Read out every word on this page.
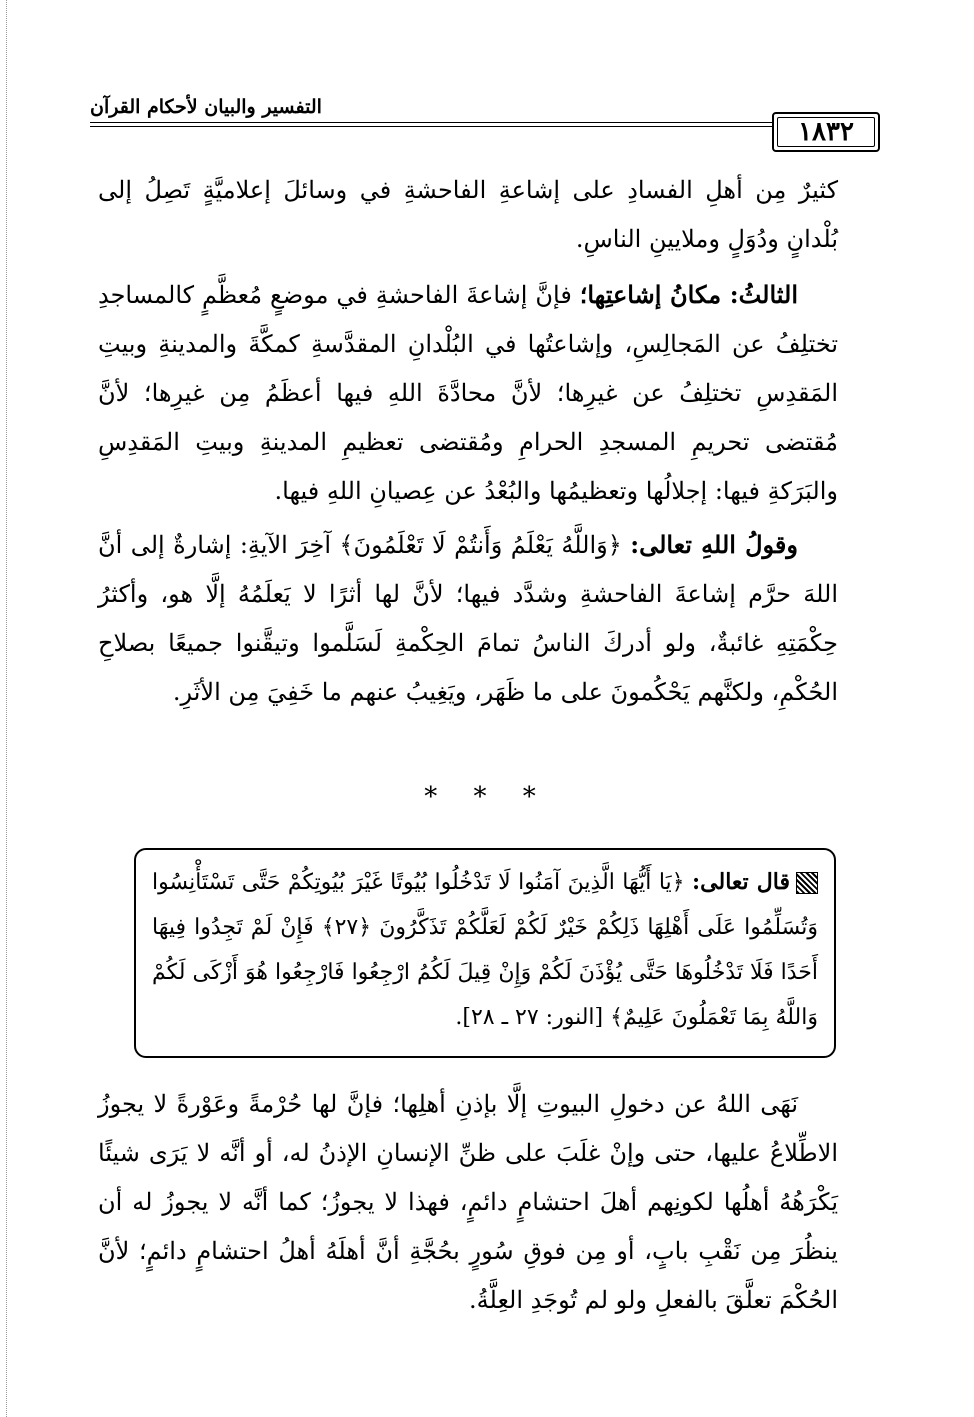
التفسير والبيان لأحكام القرآن
١٨٣٢
كثيرٌ مِن أهلِ الفسادِ على إشاعةِ الفاحشةِ في وسائلَ إعلاميَّةٍ تَصِلُ إلى بُلْدانٍ ودُوَلٍ وملايينِ الناسِ.
الثالثُ: مكانُ إشاعتِها؛ فإنَّ إشاعةَ الفاحشةِ في موضعٍ مُعظَّمٍ كالمساجدِ تختلِفُ عن المَجالِسِ، وإشاعتُها في البُلْدانِ المقدَّسةِ كمكَّةَ والمدينةِ وبيتِ المَقدِسِ تختلِفُ عن غيرِها؛ لأنَّ محادَّةَ اللهِ فيها أعظَمُ مِن غيرِها؛ لأنَّ مُقتضى تحريمِ المسجدِ الحرامِ ومُقتضى تعظيمِ المدينةِ وبيتِ المَقدِسِ والبَرَكةِ فيها: إجلالُها وتعظيمُها والبُعْدُ عن عِصيانِ اللهِ فيها.
وقولُ اللهِ تعالى: ﴿وَاللَّهُ يَعْلَمُ وَأَنتُمْ لَا تَعْلَمُونَ﴾ آخِرَ الآيةِ: إشارةٌ إلى أنَّ اللهَ حرَّم إشاعةَ الفاحشةِ وشدَّد فيها؛ لأنَّ لها أثرًا لا يَعلَمُهُ إلَّا هو، وأكثرُ حِكْمَتِهِ غائبةٌ، ولو أدركَ الناسُ تمامَ الحِكْمةِ لَسَلَّموا وتيقَّنوا جميعًا بصلاحِ الحُكْمِ، ولكنَّهم يَحْكُمونَ على ما ظَهَر، ويَغِيبُ عنهم ما خَفِيَ مِن الأثَرِ.
* * *
قال تعالى: ﴿يَا أَيُّهَا الَّذِينَ آمَنُوا لَا تَدْخُلُوا بُيُوتًا غَيْرَ بُيُوتِكُمْ حَتَّى تَسْتَأْنِسُوا وَتُسَلِّمُوا عَلَى أَهْلِهَا ذَلِكُمْ خَيْرٌ لَكُمْ لَعَلَّكُمْ تَذَكَّرُونَ ﴿٢٧﴾ فَإِنْ لَمْ تَجِدُوا فِيهَا أَحَدًا فَلَا تَدْخُلُوهَا حَتَّى يُؤْذَنَ لَكُمْ وَإِنْ قِيلَ لَكُمُ ارْجِعُوا فَارْجِعُوا هُوَ أَزْكَى لَكُمْ وَاللَّهُ بِمَا تَعْمَلُونَ عَلِيمٌ﴾ [النور: ٢٧ ـ ٢٨].
نَهَى اللهُ عن دخولِ البيوتِ إلَّا بإذنِ أهلِها؛ فإنَّ لها حُرْمةً وعَوْرةً لا يجوزُ الاطِّلاعُ عليها، حتى وإنْ غلَبَ على ظنِّ الإنسانِ الإذنُ له، أو أنَّه لا يَرَى شيئًا يَكْرَهُهُ أهلُها لكونِهم أهلَ احتشامٍ دائمٍ، فهذا لا يجوزُ؛ كما أنَّه لا يجوزُ له أن ينظُرَ مِن نَقْبِ بابٍ، أو مِن فوقِ سُورٍ بحُجَّةِ أنَّ أهلَهُ أهلُ احتشامٍ دائمٍ؛ لأنَّ الحُكْمَ تعلَّقَ بالفعلِ ولو لم تُوجَدِ العِلَّةُ.
